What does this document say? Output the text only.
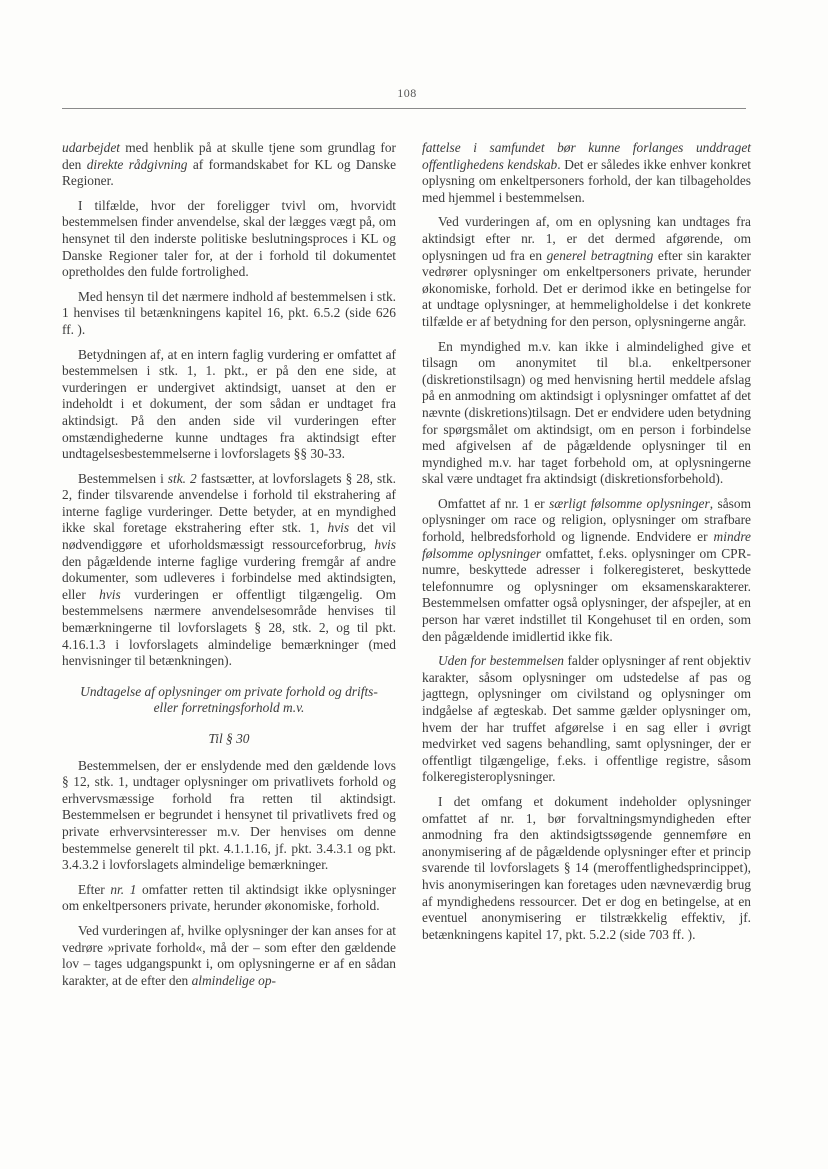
108

udarbejdet med henblik på at skulle tjene som grundlag for den direkte rådgivning af formandskabet for KL og Danske Regioner.

I tilfælde, hvor der foreligger tvivl om, hvorvidt bestemmelsen finder anvendelse, skal der lægges vægt på, om hensynet til den inderste politiske beslutningsproces i KL og Danske Regioner taler for, at der i forhold til dokumentet opretholdes den fulde fortrolighed.

Med hensyn til det nærmere indhold af bestemmelsen i stk. 1 henvises til betænkningens kapitel 16, pkt. 6.5.2 (side 626 ff. ).

Betydningen af, at en intern faglig vurdering er omfattet af bestemmelsen i stk. 1, 1. pkt., er på den ene side, at vurderingen er undergivet aktindsigt, uanset at den er indeholdt i et dokument, der som sådan er undtaget fra aktindsigt. På den anden side vil vurderingen efter omstændighederne kunne undtages fra aktindsigt efter undtagelsesbestemmelserne i lovforslagets §§ 30-33.

Bestemmelsen i stk. 2 fastsætter, at lovforslagets § 28, stk. 2, finder tilsvarende anvendelse i forhold til ekstrahering af interne faglige vurderinger. Dette betyder, at en myndighed ikke skal foretage ekstrahering efter stk. 1, hvis det vil nødvendiggøre et uforholdsmæssigt ressourceforbrug, hvis den pågældende interne faglige vurdering fremgår af andre dokumenter, som udleveres i forbindelse med aktindsigten, eller hvis vurderingen er offentligt tilgængelig. Om bestemmelsens nærmere anvendelsesområde henvises til bemærkningerne til lovforslagets § 28, stk. 2, og til pkt. 4.16.1.3 i lovforslagets almindelige bemærkninger (med henvisninger til betænkningen).

Undtagelse af oplysninger om private forhold og drifts- eller forretningsforhold m.v.

Til § 30

Bestemmelsen, der er enslydende med den gældende lovs § 12, stk. 1, undtager oplysninger om privatlivets forhold og erhvervsmæssige forhold fra retten til aktindsigt. Bestemmelsen er begrundet i hensynet til privatlivets fred og private erhvervsinteresser m.v. Der henvises om denne bestemmelse generelt til pkt. 4.1.1.16, jf. pkt. 3.4.3.1 og pkt. 3.4.3.2 i lovforslagets almindelige bemærkninger.

Efter nr. 1 omfatter retten til aktindsigt ikke oplysninger om enkeltpersoners private, herunder økonomiske, forhold.

Ved vurderingen af, hvilke oplysninger der kan anses for at vedrøre »private forhold«, må der – som efter den gældende lov – tages udgangspunkt i, om oplysningerne er af en sådan karakter, at de efter den almindelige op-

fattelse i samfundet bør kunne forlanges unddraget offentlighedens kendskab. Det er således ikke enhver konkret oplysning om enkeltpersoners forhold, der kan tilbageholdes med hjemmel i bestemmelsen.

Ved vurderingen af, om en oplysning kan undtages fra aktindsigt efter nr. 1, er det dermed afgørende, om oplysningen ud fra en generel betragtning efter sin karakter vedrører oplysninger om enkeltpersoners private, herunder økonomiske, forhold. Det er derimod ikke en betingelse for at undtage oplysninger, at hemmeligholdelse i det konkrete tilfælde er af betydning for den person, oplysningerne angår.

En myndighed m.v. kan ikke i almindelighed give et tilsagn om anonymitet til bl.a. enkeltpersoner (diskretionstilsagn) og med henvisning hertil meddele afslag på en anmodning om aktindsigt i oplysninger omfattet af det nævnte (diskretions)tilsagn. Det er endvidere uden betydning for spørgsmålet om aktindsigt, om en person i forbindelse med afgivelsen af de pågældende oplysninger til en myndighed m.v. har taget forbehold om, at oplysningerne skal være undtaget fra aktindsigt (diskretionsforbehold).

Omfattet af nr. 1 er særligt følsomme oplysninger, såsom oplysninger om race og religion, oplysninger om strafbare forhold, helbredsforhold og lignende. Endvidere er mindre følsomme oplysninger omfattet, f.eks. oplysninger om CPR-numre, beskyttede adresser i folkeregisteret, beskyttede telefonnumre og oplysninger om eksamenskarakterer. Bestemmelsen omfatter også oplysninger, der afspejler, at en person har været indstillet til Kongehuset til en orden, som den pågældende imidlertid ikke fik.

Uden for bestemmelsen falder oplysninger af rent objektiv karakter, såsom oplysninger om udstedelse af pas og jagttegn, oplysninger om civilstand og oplysninger om indgåelse af ægteskab. Det samme gælder oplysninger om, hvem der har truffet afgørelse i en sag eller i øvrigt medvirket ved sagens behandling, samt oplysninger, der er offentligt tilgængelige, f.eks. i offentlige registre, såsom folkeregisteroplysninger.

I det omfang et dokument indeholder oplysninger omfattet af nr. 1, bør forvaltningsmyndigheden efter anmodning fra den aktindsigtssøgende gennemføre en anonymisering af de pågældende oplysninger efter et princip svarende til lovforslagets § 14 (meroffentlighedsprincippet), hvis anonymiseringen kan foretages uden nævneværdig brug af myndighedens ressourcer. Det er dog en betingelse, at en eventuel anonymisering er tilstrækkelig effektiv, jf. betænkningens kapitel 17, pkt. 5.2.2 (side 703 ff. ).
